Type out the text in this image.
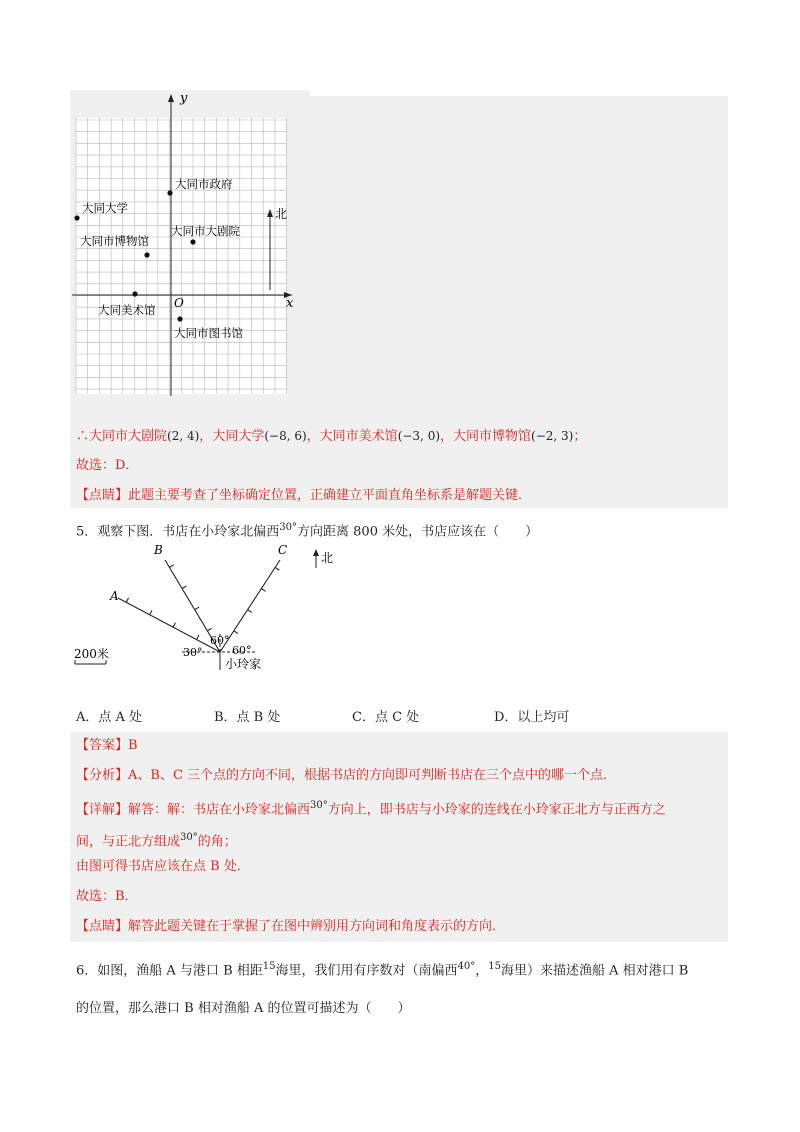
y
x
O
北
大同市政府
大同大学
大同市大剧院
大同市博物馆
大同美术馆
大同市图书馆
∴大同市大剧院(2, 4)，大同大学(−8, 6)，大同市美术馆(−3, 0)，大同市博物馆(−2, 3)；
故选：D．
【点睛】此题主要考查了坐标确定位置，正确建立平面直角坐标系是解题关键．
5．观察下图．书店在小玲家北偏西$^{30^\circ}$方向距离 800 米处，书店应该在（　　）
A
B	C
北
30°
60°
60°
小玲家
200米
A．点 A 处	B．点 B 处	C．点 C 处	D．以上均可
【答案】B
【分析】A、B、C 三个点的方向不同，根据书店的方向即可判断书店在三个点中的哪一个点．
【详解】解答：解：书店在小玲家北偏西$^{30^\circ}$方向上，即书店与小玲家的连线在小玲家正北方与正西方之
间，与正北方组成$^{30^\circ}$的角；
由图可得书店应该在点 B 处．
故选：B．
【点睛】解答此题关键在于掌握了在图中辨别用方向词和角度表示的方向．
6．如图，渔船 A 与港口 B 相距$^{15}$海里，我们用有序数对（南偏西$^{40^\circ}$，$^{15}$海里）来描述渔船 A 相对港口 B
的位置，那么港口 B 相对渔船 A 的位置可描述为（　　）
